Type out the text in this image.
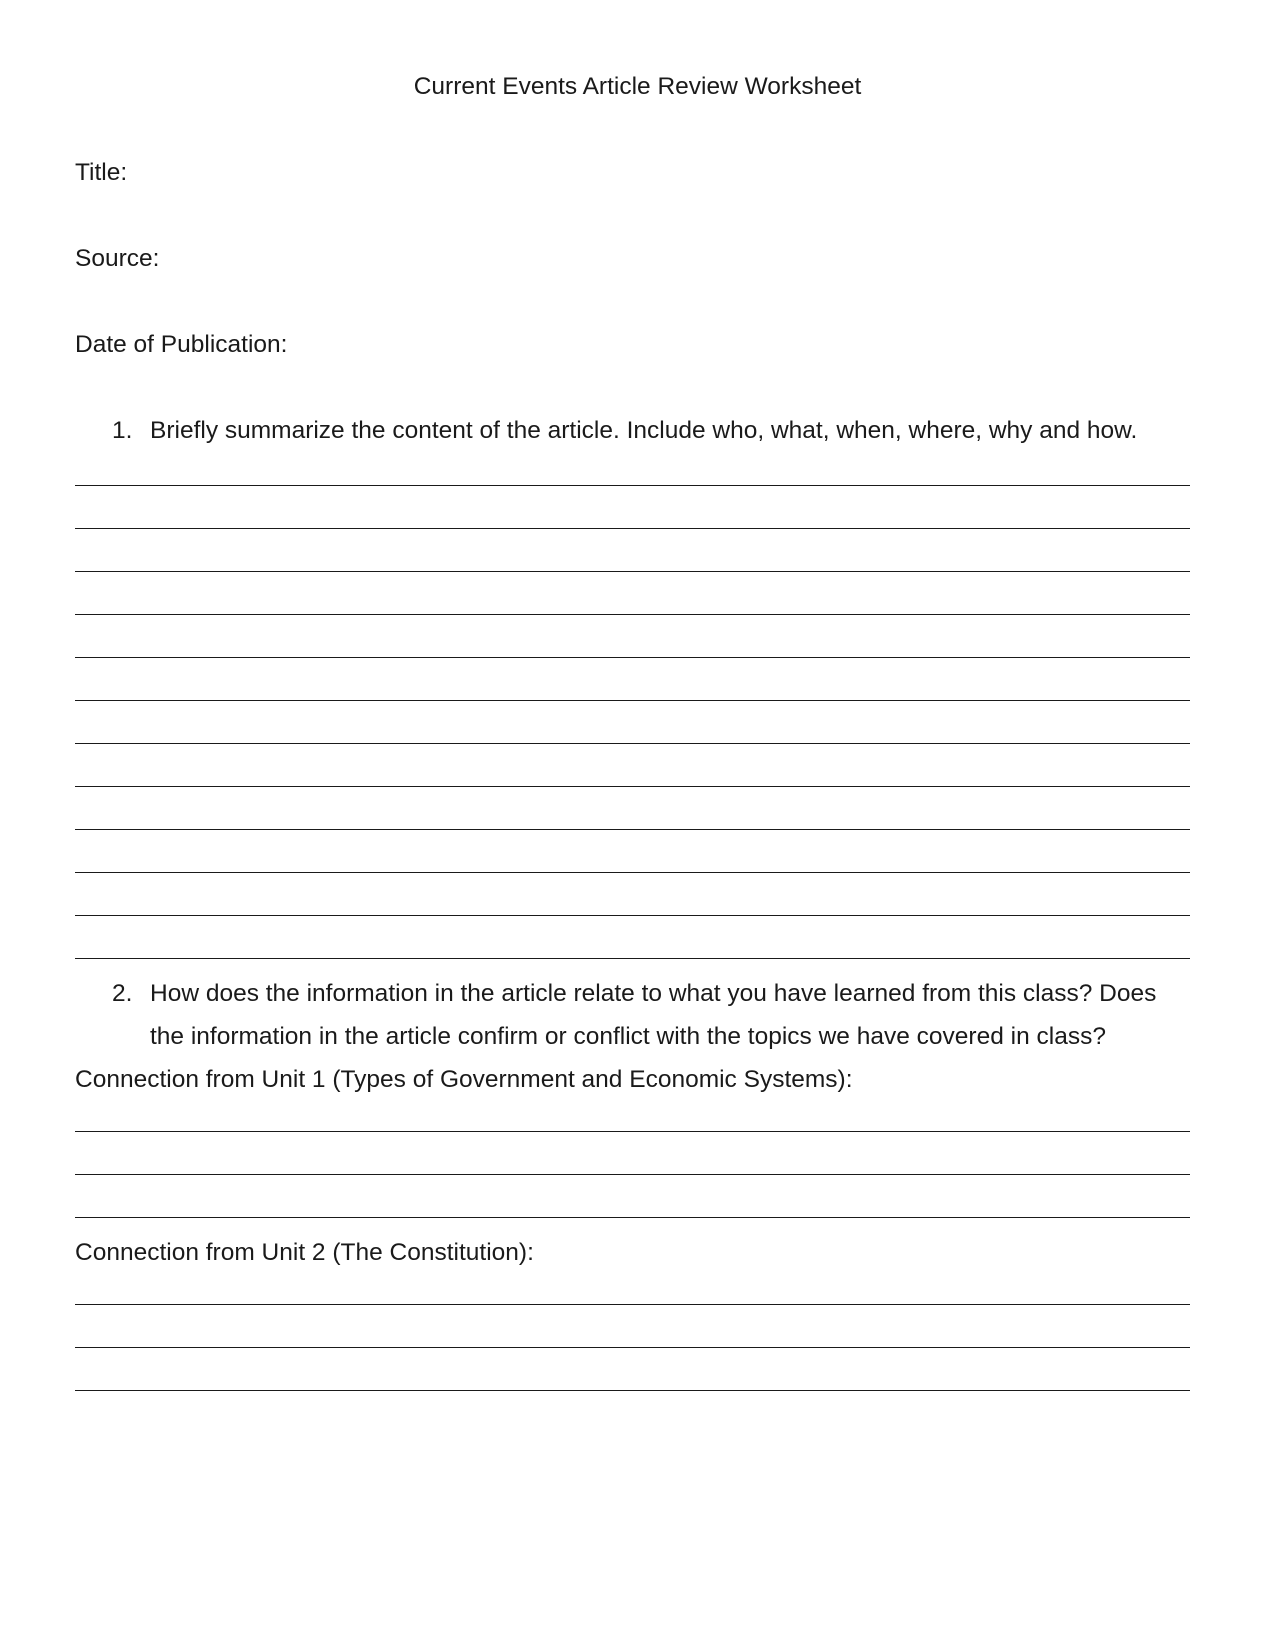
Current Events Article Review Worksheet
Title:
Source:
Date of Publication:
1. Briefly summarize the content of the article. Include who, what, when, where, why and how.
2. How does the information in the article relate to what you have learned from this class? Does
the information in the article confirm or conflict with the topics we have covered in class?
Connection from Unit 1 (Types of Government and Economic Systems):
Connection from Unit 2 (The Constitution):
